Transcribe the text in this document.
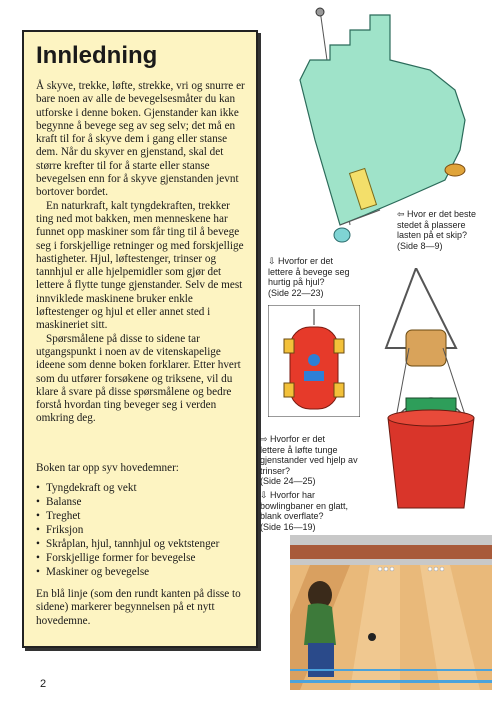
Innledning

Å skyve, trekke, løfte, strekke, vri og snurre er bare noen av alle de bevegelsesmåter du kan utforske i denne boken. Gjenstander kan ikke begynne å bevege seg av seg selv; det må en kraft til for å skyve dem i gang eller stanse dem. Når du skyver en gjenstand, skal det større krefter til for å starte eller stanse bevegelsen enn for å skyve gjenstanden jevnt bortover bordet.

En naturkraft, kalt tyngdekraften, trekker ting ned mot bakken, men menneskene har funnet opp maskiner som får ting til å bevege seg i forskjellige retninger og med forskjellige hastigheter. Hjul, løftestenger, trinser og tannhjul er alle hjelpemidler som gjør det lettere å flytte tunge gjenstander. Selv de mest innviklede maskinene bruker enkle løftestenger og hjul et eller annet sted i maskineriet sitt.

Spørsmålene på disse to sidene tar utgangspunkt i noen av de vitenskapelige ideene som denne boken forklarer. Etter hvert som du utfører forsøkene og triksene, vil du klare å svare på disse spørsmålene og bedre forstå hvordan ting beveger seg i verden omkring deg.

Boken tar opp syv hovedemner:

• Tyngdekraft og vekt
• Balanse
• Treghet
• Friksjon
• Skråplan, hjul, tannhjul og vektstenger
• Forskjellige former for bevegelse
• Maskiner og bevegelse

En blå linje (som den rundt kanten på disse to sidene) markerer begynnelsen på et nytt hovedemne.

⇦ Hvor er det beste
stedet å plassere
lasten på et skip?
(Side 8—9)
⇩ Hvorfor er det
lettere å bevege seg
hurtig på hjul?
(Side 22—23)
⇨ Hvorfor er det
lettere å løfte tunge
gjenstander ved hjelp av
trinser?
(Side 24—25)
⇩ Hvorfor har
bowlingbaner en glatt,
blank overflate?
(Side 16—19)
2
